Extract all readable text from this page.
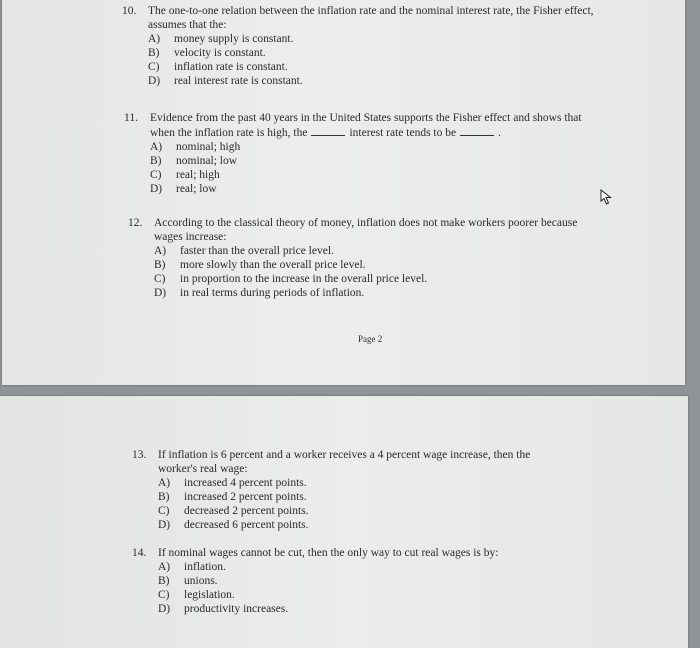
10.	The one-to-one relation between the inflation rate and the nominal interest rate, the Fisher effect, assumes that the:
A)	money supply is constant.
B)	velocity is constant.
C)	inflation rate is constant.
D)	real interest rate is constant.
11.	Evidence from the past 40 years in the United States supports the Fisher effect and shows that when the inflation rate is high, the	interest rate tends to be	.
A)	nominal; high
B)	nominal; low
C)	real; high
D)	real; low
12.	According to the classical theory of money, inflation does not make workers poorer because wages increase:
A)	faster than the overall price level.
B)	more slowly than the overall price level.
C)	in proportion to the increase in the overall price level.
D)	in real terms during periods of inflation.
Page 2
13.	If inflation is 6 percent and a worker receives a 4 percent wage increase, then the worker's real wage:
A)	increased 4 percent points.
B)	increased 2 percent points.
C)	decreased 2 percent points.
D)	decreased 6 percent points.
14.	If nominal wages cannot be cut, then the only way to cut real wages is by:
A)	inflation.
B)	unions.
C)	legislation.
D)	productivity increases.
